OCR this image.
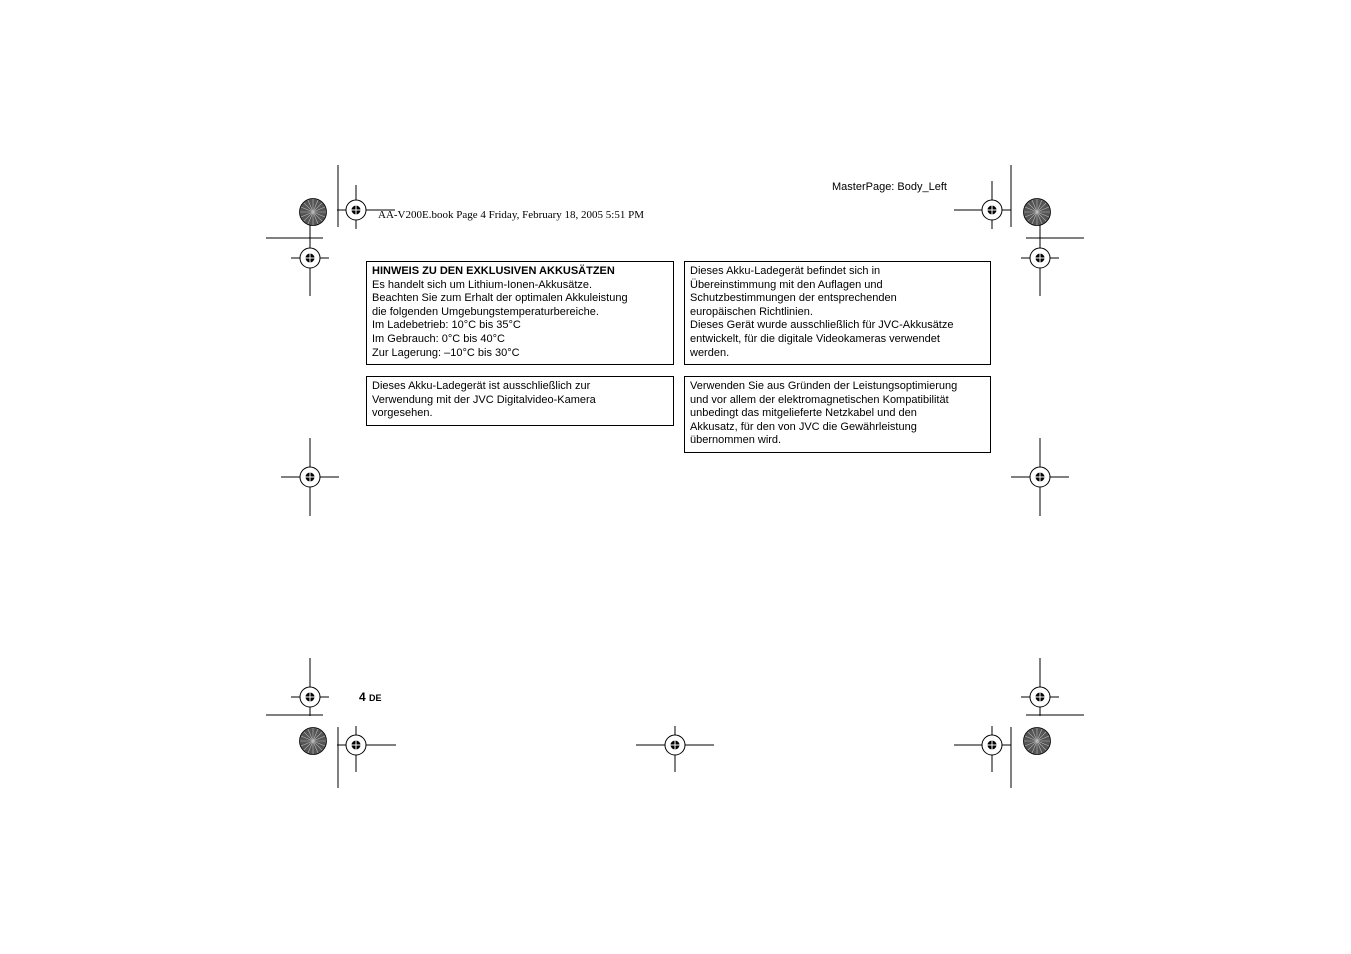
MasterPage: Body_Left
AA-V200E.book Page 4 Friday, February 18, 2005 5:51 PM

HINWEIS ZU DEN EXKLUSIVEN AKKUSÄTZEN

Es handelt sich um Lithium-Ionen-Akkusätze.

Beachten Sie zum Erhalt der optimalen Akkuleistung

die folgenden Umgebungstemperaturbereiche.

Im Ladebetrieb: 10°C bis 35°C

Im Gebrauch: 0°C bis 40°C

Zur Lagerung: –10°C bis 30°C

Dieses Akku-Ladegerät befindet sich in

Übereinstimmung mit den Auflagen und

Schutzbestimmungen der entsprechenden

europäischen Richtlinien.

Dieses Gerät wurde ausschließlich für JVC-Akkusätze

entwickelt, für die digitale Videokameras verwendet

werden.

Dieses Akku-Ladegerät ist ausschließlich zur

Verwendung mit der JVC Digitalvideo-Kamera

vorgesehen.

Verwenden Sie aus Gründen der Leistungsoptimierung

und vor allem der elektromagnetischen Kompatibilität

unbedingt das mitgelieferte Netzkabel und den

Akkusatz, für den von JVC die Gewährleistung

übernommen wird.

4 DE
